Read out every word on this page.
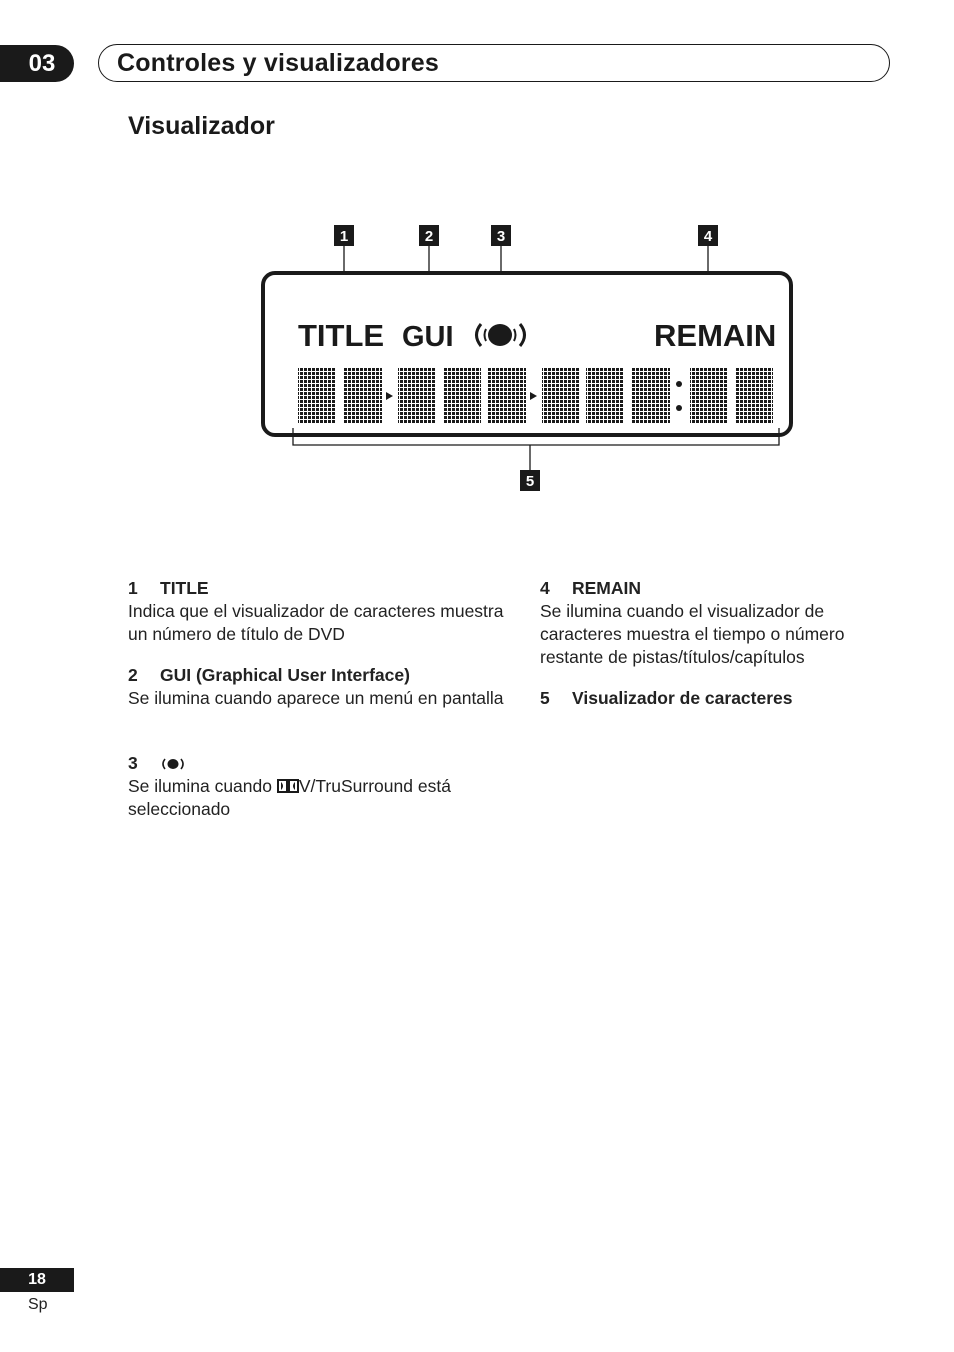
03 Controles y visualizadores
Visualizador
1	2	3	4
TITLE GUI	REMAIN
5
1 TITLE

Indica que el visualizador de caracteres muestra un número de título de DVD

2 GUI (Graphical User Interface)

Se ilumina cuando aparece un menú en pantalla

3

Se ilumina cuando V/TruSurround está seleccionado

4 REMAIN

Se ilumina cuando el visualizador de caracteres muestra el tiempo o número restante de pistas/títulos/capítulos

5 Visualizador de caracteres
18
Sp
